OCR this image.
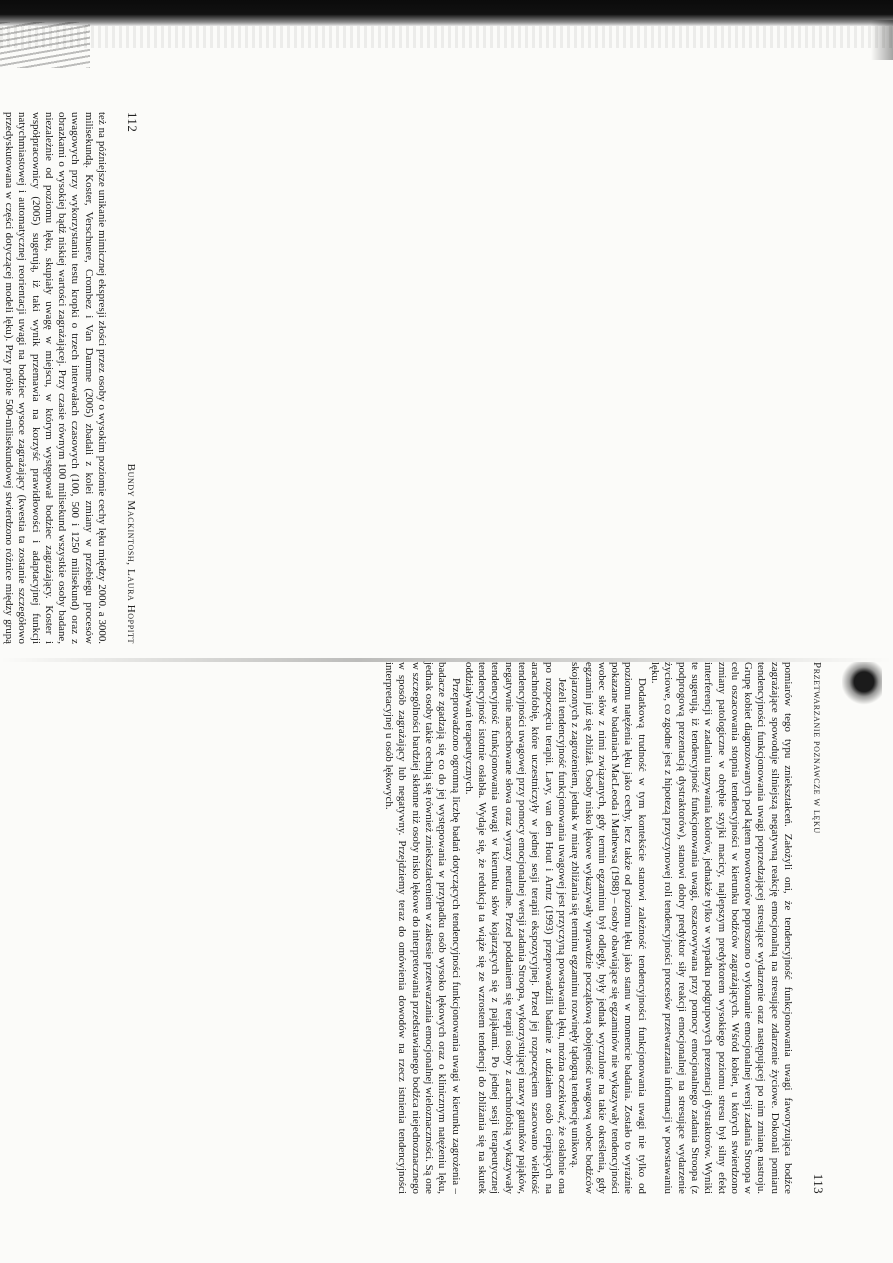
112
Bundy Mackintosh, Laura Hoppitt

też na późniejsze unikanie mimicznej ekspresji złości przez osoby o wysokim poziomie cechy lęku między 2000. a 3000. milisekundą. Koster, Verschuere, Crombez i Van Damme (2005) zbadali z kolei zmiany w przebiegu procesów uwagowych przy wykorzystaniu testu kropki o trzech interwałach czasowych (100, 500 i 1250 milisekund) oraz z obrazkami o wysokiej bądź niskiej wartości zagrażającej. Przy czasie równym 100 milisekund wszystkie osoby badane, niezależnie od poziomu lęku, skupiały uwagę w miejscu, w którym występował bodziec zagrażający. Koster i współpracownicy (2005) sugerują, iż taki wynik przemawia na korzyść prawidłowości i adaptacyjnej funkcji natychmiastowej i automatycznej reorientacji uwagi na bodziec wysoce zagrażający (kwestia ta zostanie szczegółowo przedyskutowana w części dotyczącej modeli lęku). Przy próbie 500-milisekundowej stwierdzono różnice między grupą

Przetwarzanie poznawcze w lęku
113

pomiarów tego typu zniekształceń. Założyli oni, że tendencyjność funkcjonowania uwagi faworyzująca bodźce zagrażające spowoduje silniejszą negatywną reakcję emocjonalną na stresujące zdarzenie życiowe. Dokonali pomiaru tendencyjności funkcjonowania uwagi poprzedzającej stresujące wydarzenie oraz następującej po nim zmianę nastroju. Grupę kobiet diagnozowanych pod kątem nowotworów poproszono o wykonanie emocjonalnej wersji zadania Stroopa w celu oszacowania stopnia tendencyjności w kierunku bodźców zagrażających. Wśród kobiet, u których stwierdzono zmiany patologiczne w obrębie szyjki macicy, najlepszym predyktorem wysokiego poziomu stresu był silny efekt interferencji w zadaniu nazywania kolorów, jednakże tylko w wypadku podgrupowych prezentacji dystraktorów. Wyniki te sugerują, iż tendencyjność funkcjonowania uwagi, oszacowywana przy pomocy emocjonalnego zadania Stroopa (z podprogową prezentacją dystraktorów), stanowi dobry predyktor siły reakcji emocjonalnej na stresujące wydarzenie życiowe, co zgodne jest z hipotezą przyczynowej roli tendencyjności procesów przetwarzania informacji w powstawaniu lęku.

Dodatkową trudność w tym kontekście stanowi zależność tendencyjności funkcjonowania uwagi nie tylko od poziomu natężenia lęku jako cechy, lecz także od poziomu lęku jako stanu w momencie badania. Zostało to wyraźnie pokazane w badaniach MacLeoda i Mathewsa (1988) – osoby obawiające się egzaminów nie wykazywały tendencyjności wobec słów z nimi związanych, gdy termin egzaminu był odległy, były jednak wyczulone na takie określenia, gdy egzamin już się zbliżał. Osoby nisko lękowe wykazywały wprawdzie początkową obojętność uwagową wobec bodźców skojarzonych z zagrożeniem, jednak w miarę zbliżania się terminu egzaminu rozwinęły tądogną tendencję unikową.

Jeżeli tendencyjność funkcjonowania uwagowej jest przyczyną powstawania lęku, można oczekiwać, że osłabnie ona po rozpoczęciu terapii. Lavy, van den Hout i Arntz (1993) przeprowadzili badanie z udziałem osób cierpiących na arachnofobię, które uczestniczyły w jednej sesji terapii ekspozycyjnej. Przed jej rozpoczęciem szacowano wielkość tendencyjności uwagowej przy pomocy emocjonalnej wersji zadania Stroopa, wykorzystującej nazwy gatunków pająków, negatywnie nacechowane słowa oraz wyrazy neutralne. Przed poddaniem się terapii osoby z arachnofobią wykazywały tendencyjność funkcjonowania uwagi w kierunku słów kojarzących się z pająkami. Po jednej sesji terapeutycznej tendencyjność istotnie osłabła. Wydaje się, że redukcja ta wiąże się ze wzrostem tendencji do zbliżania się na skutek oddziaływań terapeutycznych.

Przeprowadzono ogromną liczbę badań dotyczących tendencyjności funkcjonowania uwagi w kierunku zagrożenia – badacze zgadzają się co do jej występowania w przypadku osób wysoko lękowych oraz o klinicznym natężeniu lęku, jednak osoby takie cechują się również zniekształceniem w zakresie przetwarzania emocjonalnej wieloznaczności. Są one w szczególności bardziej skłonne niż osoby nisko lękowe do interpretowania przedstawianego bodźca niejednoznacznego w sposób zagrażający lub negatywny. Przejdziemy teraz do omówienia dowodów na rzecz istnienia tendencyjności interpretacyjnej u osób lękowych.
